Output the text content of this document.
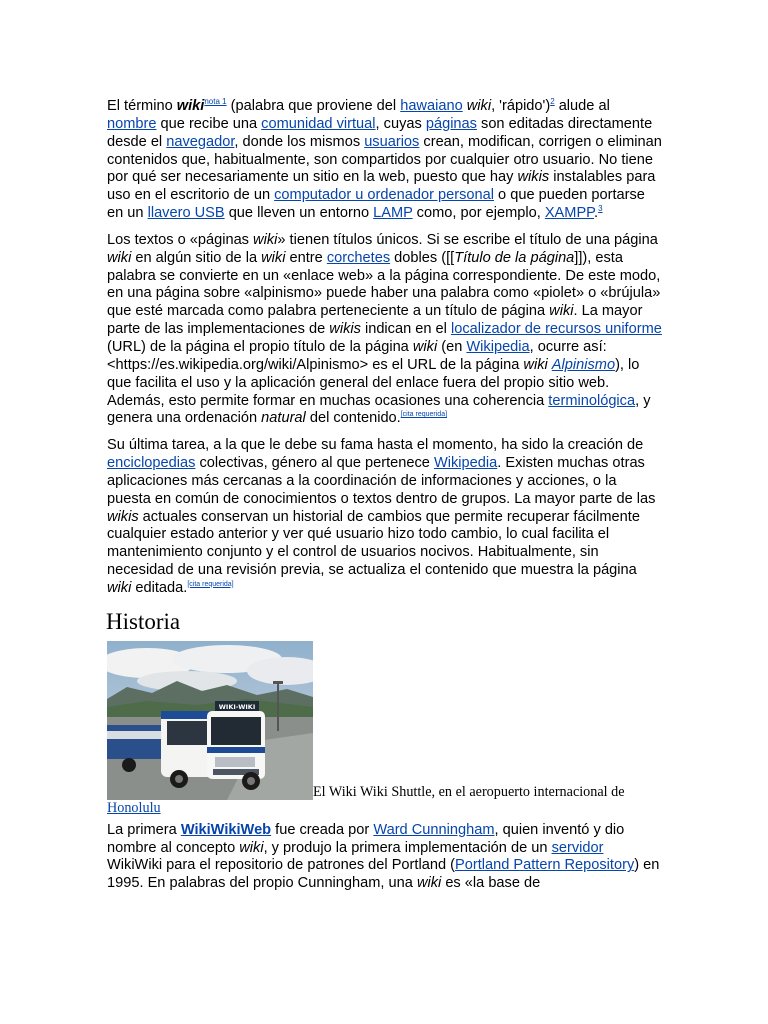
El término wiki$^{nota 1}$ (palabra que proviene del hawaiano wiki, 'rápido')$^2$ alude al nombre que recibe una comunidad virtual, cuyas páginas son editadas directamente desde el navegador, donde los mismos usuarios crean, modifican, corrigen o eliminan contenidos que, habitualmente, son compartidos por cualquier otro usuario. No tiene por qué ser necesariamente un sitio en la web, puesto que hay wikis instalables para uso en el escritorio de un computador u ordenador personal o que pueden portarse en un llavero USB que lleven un entorno LAMP como, por ejemplo, XAMPP.$^3$

Los textos o «páginas wiki» tienen títulos únicos. Si se escribe el título de una página wiki en algún sitio de la wiki entre corchetes dobles ([[Título de la página]]), esta palabra se convierte en un «enlace web» a la página correspondiente. De este modo, en una página sobre «alpinismo» puede haber una palabra como «piolet» o «brújula» que esté marcada como palabra perteneciente a un título de página wiki. La mayor parte de las implementaciones de wikis indican en el localizador de recursos uniforme (URL) de la página el propio título de la página wiki (en Wikipedia, ocurre así: <https://es.wikipedia.org/wiki/Alpinismo> es el URL de la página wiki Alpinismo), lo que facilita el uso y la aplicación general del enlace fuera del propio sitio web. Además, esto permite formar en muchas ocasiones una coherencia terminológica, y genera una ordenación natural del contenido.[cita requerida]

Su última tarea, a la que le debe su fama hasta el momento, ha sido la creación de enciclopedias colectivas, género al que pertenece Wikipedia. Existen muchas otras aplicaciones más cercanas a la coordinación de informaciones y acciones, o la puesta en común de conocimientos o textos dentro de grupos. La mayor parte de las wikis actuales conservan un historial de cambios que permite recuperar fácilmente cualquier estado anterior y ver qué usuario hizo todo cambio, lo cual facilita el mantenimiento conjunto y el control de usuarios nocivos. Habitualmente, sin necesidad de una revisión previa, se actualiza el contenido que muestra la página wiki editada.[cita requerida]

Historia
WIKI-WIKI
El Wiki Wiki Shuttle, en el aeropuerto internacional de Honolulu

La primera WikiWikiWeb fue creada por Ward Cunningham, quien inventó y dio nombre al concepto wiki, y produjo la primera implementación de un servidor WikiWiki para el repositorio de patrones del Portland (Portland Pattern Repository) en 1995. En palabras del propio Cunningham, una wiki es «la base de
